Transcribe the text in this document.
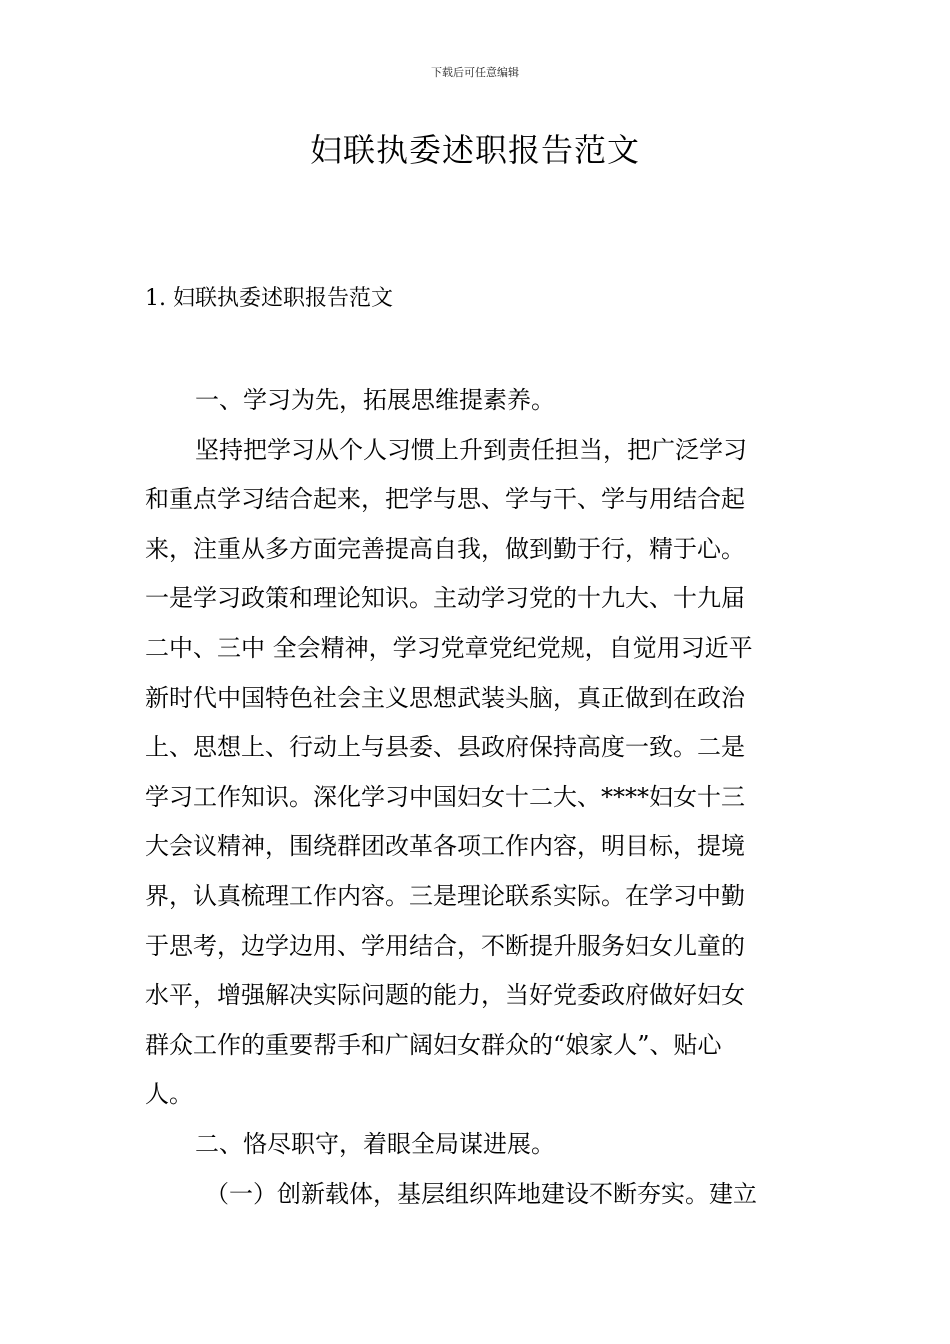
下载后可任意编辑
妇联执委述职报告范文
1. 妇联执委述职报告范文
一、学习为先，拓展思维提素养。
坚持把学习从个人习惯上升到责任担当，把广泛学习
和重点学习结合起来，把学与思、学与干、学与用结合起
来，注重从多方面完善提高自我，做到勤于行，精于心。
一是学习政策和理论知识。主动学习党的十九大、十九届
二中、三中 全会精神，学习党章党纪党规，自觉用习近平
新时代中国特色社会主义思想武装头脑，真正做到在政治
上、思想上、行动上与县委、县政府保持高度一致。二是
学习工作知识。深化学习中国妇女十二大、****妇女十三
大会议精神，围绕群团改革各项工作内容，明目标，提境
界，认真梳理工作内容。三是理论联系实际。在学习中勤
于思考，边学边用、学用结合，不断提升服务妇女儿童的
水平，增强解决实际问题的能力，当好党委政府做好妇女
群众工作的重要帮手和广阔妇女群众的“娘家人”、贴心
人。
二、恪尽职守，着眼全局谋进展。
（一）创新载体，基层组织阵地建设不断夯实。建立
